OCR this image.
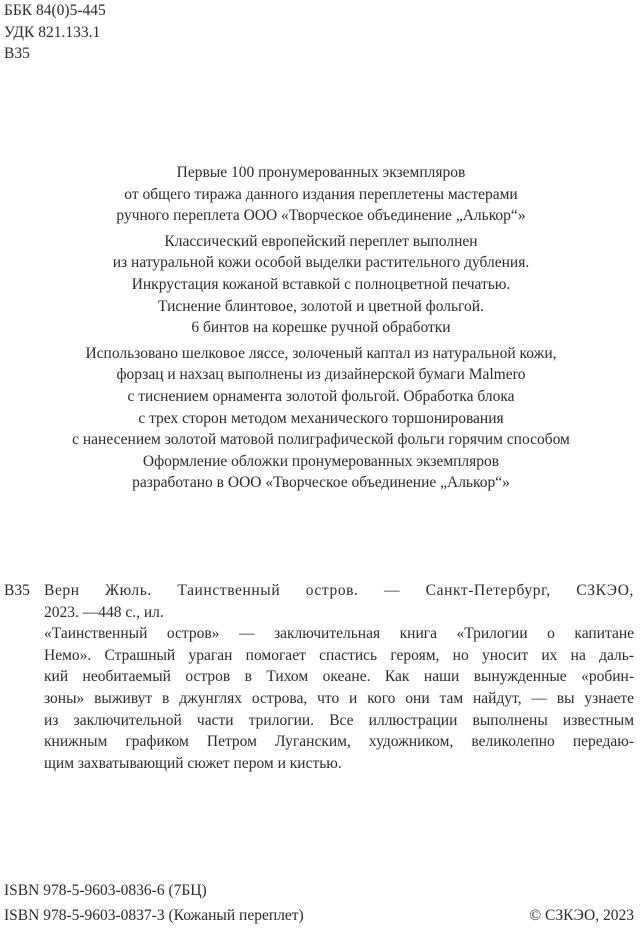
ББК 84(0)5-445
УДК 821.133.1
В35
Первые 100 пронумерованных экземпляров
от общего тиража данного издания переплетены мастерами
ручного переплета ООО «Творческое объединение „Алькор“»
Классический европейский переплет выполнен
из натуральной кожи особой выделки растительного дубления.
Инкрустация кожаной вставкой с полноцветной печатью.
Тиснение блинтовое, золотой и цветной фольгой.
6 бинтов на корешке ручной обработки
Использовано шелковое ляссе, золоченый каптал из натуральной кожи,
форзац и нахзац выполнены из дизайнерской бумаги Malmero
с тиснением орнамента золотой фольгой. Обработка блока
с трех сторон методом механического торшонирования
с нанесением золотой матовой полиграфической фольги горячим способом
Оформление обложки пронумерованных экземпляров
разработано в ООО «Творческое объединение „Алькор“»
В35 Верн Жюль. Таинственный остров. — Санкт-Петербург, СЗКЭО,
2023. —448 с., ил.
«Таинственный остров» — заключительная книга «Трилогии о капитане
Немо». Страшный ураган помогает спастись героям, но уносит их на даль-
кий необитаемый остров в Тихом океане. Как наши вынужденные «робин-
зоны» выживут в джунглях острова, что и кого они там найдут, — вы узнаете
из заключительной части трилогии. Все иллюстрации выполнены известным
книжным графиком Петром Луганским, художником, великолепно передаю-
щим захватывающий сюжет пером и кистью.
ISBN 978-5-9603-0836-6 (7БЦ)
ISBN 978-5-9603-0837-3 (Кожаный переплет)	© СЗКЭО, 2023
